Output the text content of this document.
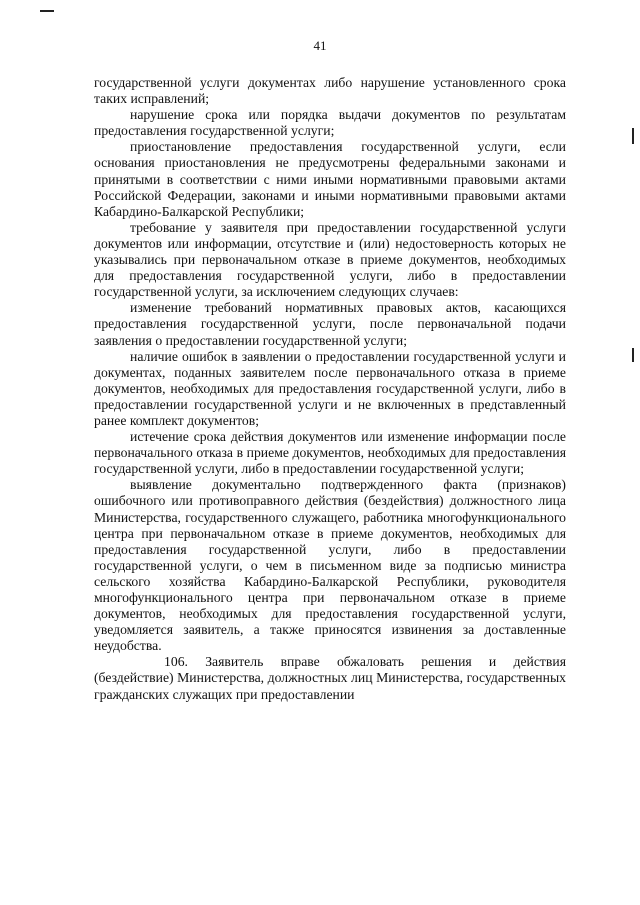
41

государственной услуги документах либо нарушение установленного срока таких исправлений;

нарушение срока или порядка выдачи документов по результатам предоставления государственной услуги;

приостановление предоставления государственной услуги, если основания приостановления не предусмотрены федеральными законами и принятыми в соответствии с ними иными нормативными правовыми актами Российской Федерации, законами и иными нормативными правовыми актами Кабардино-Балкарской Республики;

требование у заявителя при предоставлении государственной услуги документов или информации, отсутствие и (или) недостоверность которых не указывались при первоначальном отказе в приеме документов, необходимых для предоставления государственной услуги, либо в предоставлении государственной услуги, за исключением следующих случаев:

изменение требований нормативных правовых актов, касающихся предоставления государственной услуги, после первоначальной подачи заявления о предоставлении государственной услуги;

наличие ошибок в заявлении о предоставлении государственной услуги и документах, поданных заявителем после первоначального отказа в приеме документов, необходимых для предоставления государственной услуги, либо в предоставлении государственной услуги и не включенных в представленный ранее комплект документов;

истечение срока действия документов или изменение информации после первоначального отказа в приеме документов, необходимых для предоставления государственной услуги, либо в предоставлении государственной услуги;

выявление документально подтвержденного факта (признаков) ошибочного или противоправного действия (бездействия) должностного лица Министерства, государственного служащего, работника многофункционального центра при первоначальном отказе в приеме документов, необходимых для предоставления государственной услуги, либо в предоставлении государственной услуги, о чем в письменном виде за подписью министра сельского хозяйства Кабардино-Балкарской Республики, руководителя многофункционального центра при первоначальном отказе в приеме документов, необходимых для предоставления государственной услуги, уведомляется заявитель, а также приносятся извинения за доставленные неудобства.

106. Заявитель вправе обжаловать решения и действия (бездействие) Министерства, должностных лиц Министерства, государственных гражданских служащих при предоставлении
